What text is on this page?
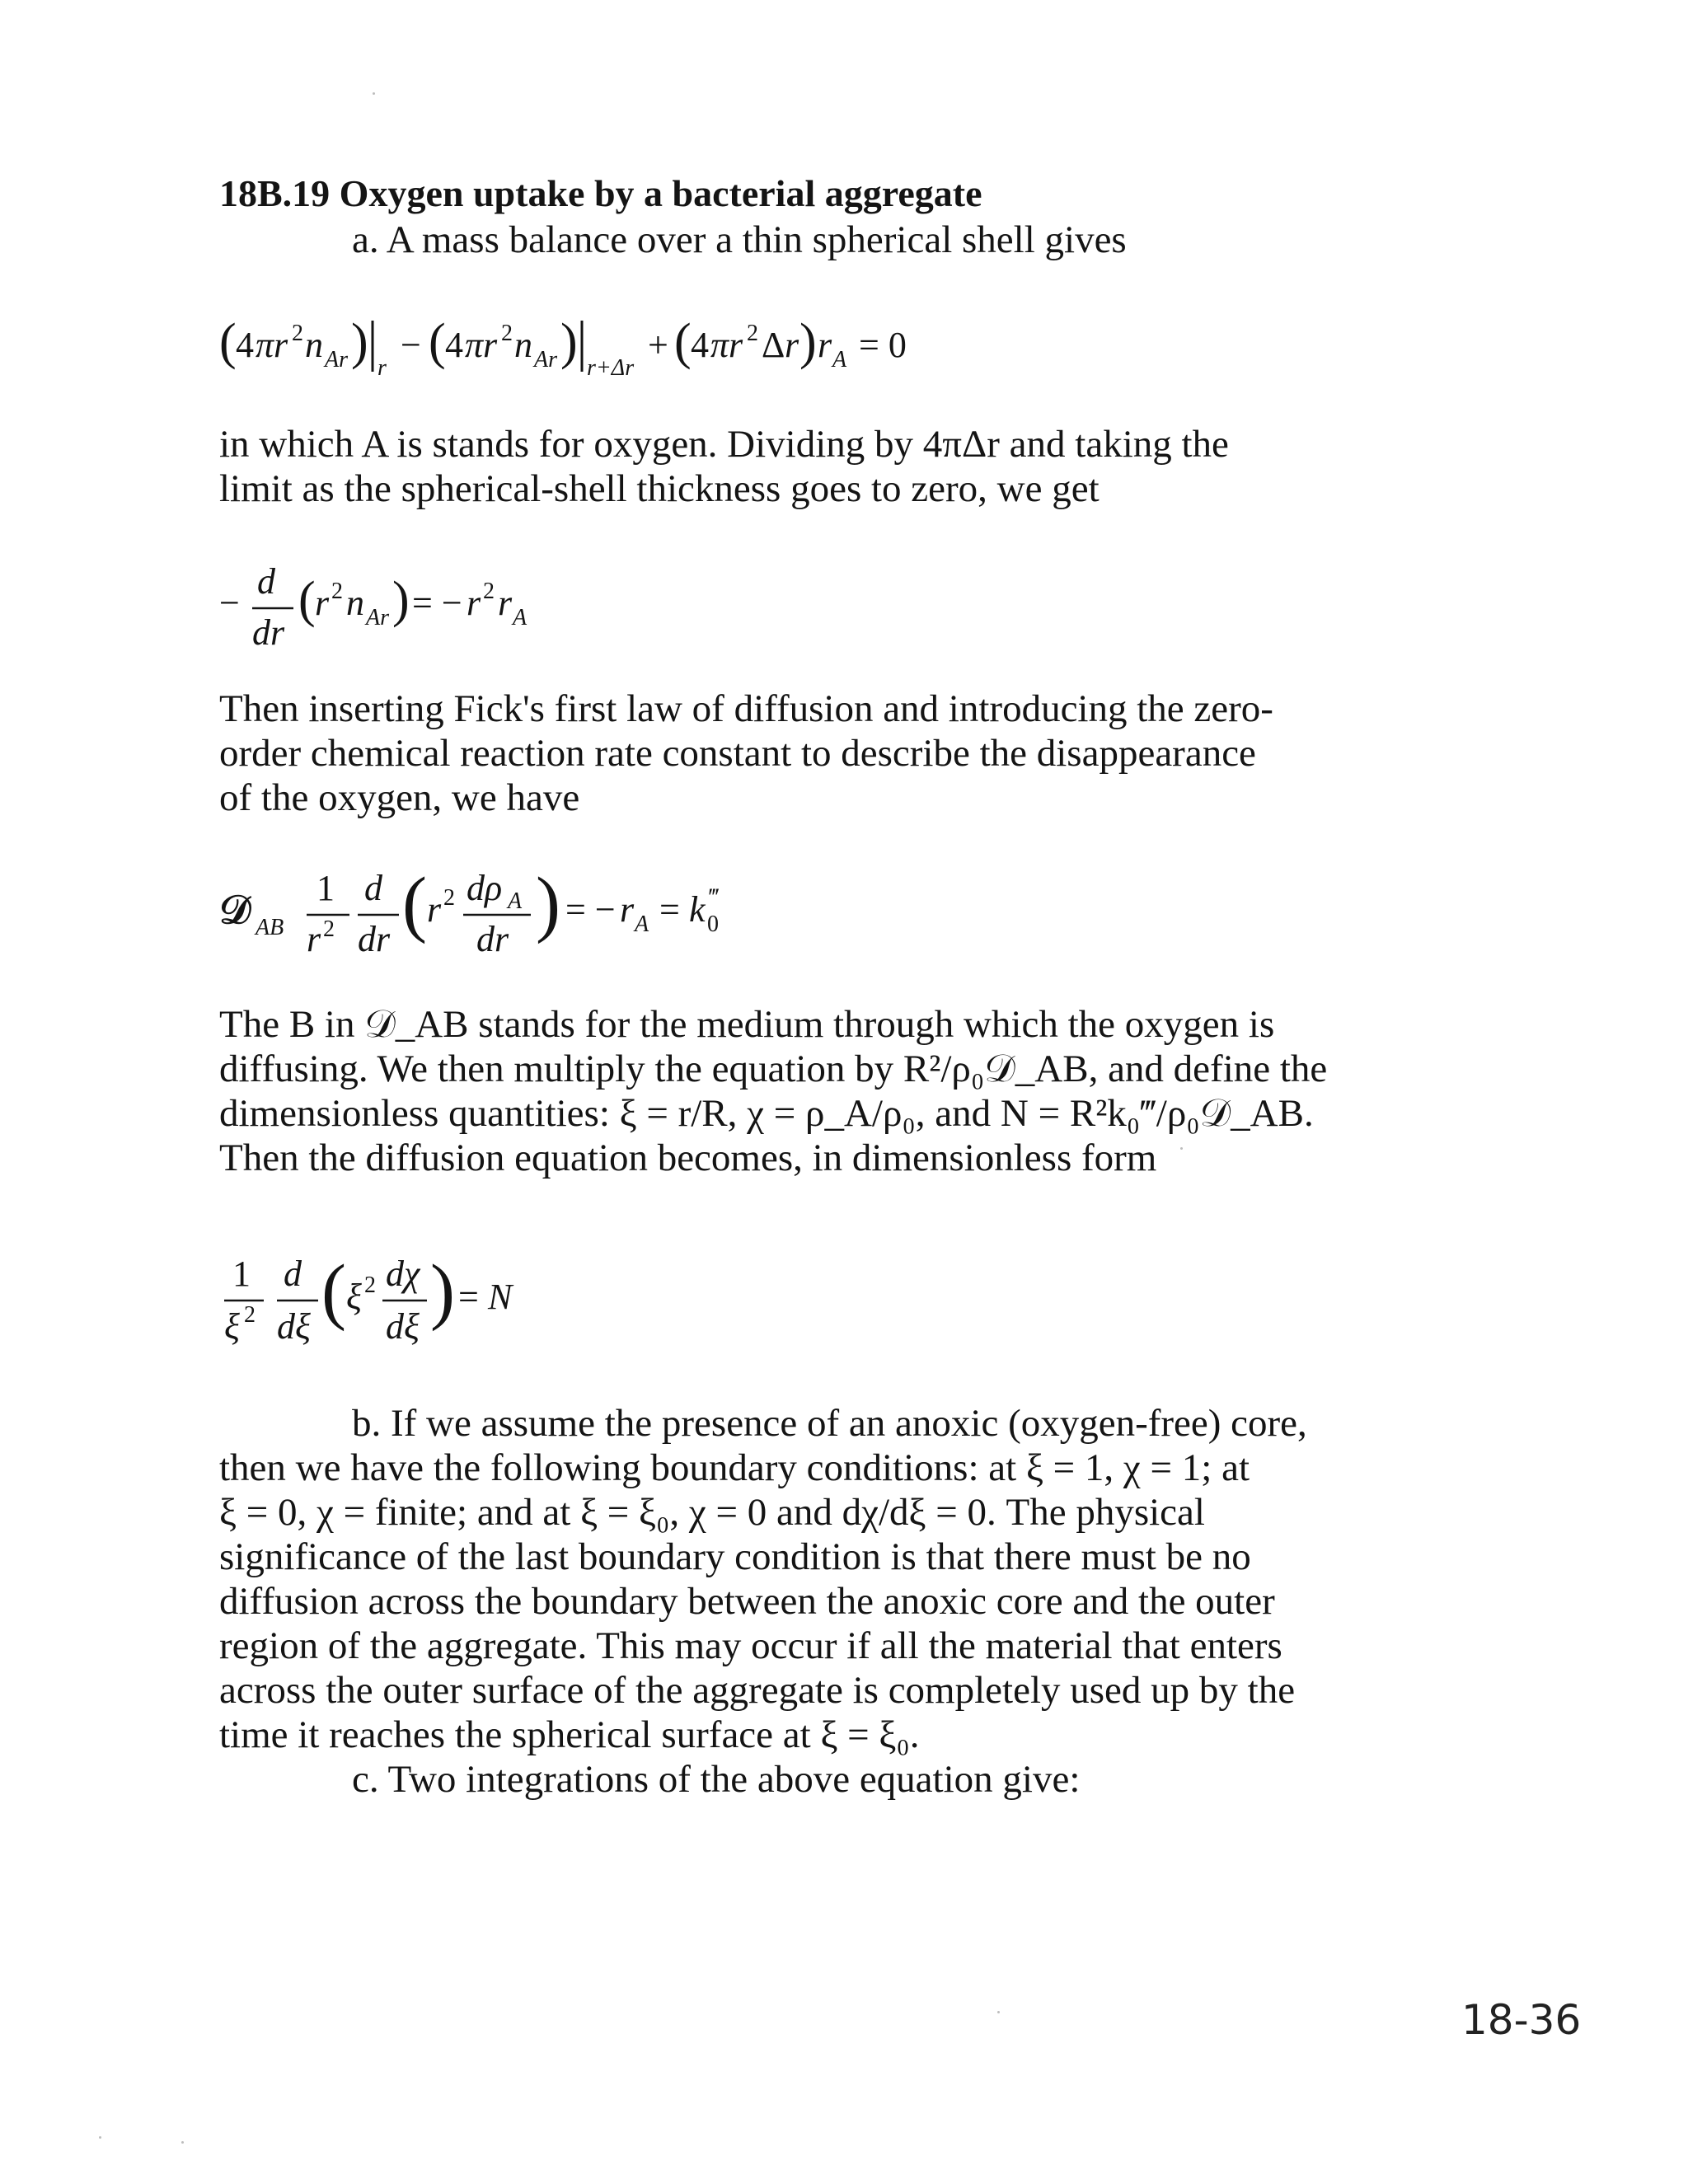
18B.19 Oxygen uptake by a bacterial aggregate
a. A mass balance over a thin spherical shell gives
( 4 πr 2 n Ar ) r
− ( 4 πr 2 n Ar ) r+Δr
+ ( 4 πr 2 Δ r ) r A = 0
in which A is stands for oxygen. Dividing by 4πΔr and taking the
limit as the spherical-shell thickness goes to zero, we get
−
d
dr
( r 2 n Ar ) = − r 2 r A
Then inserting Fick's first law of diffusion and introducing the zero-
order chemical reaction rate constant to describe the disappearance
of the oxygen, we have
𝒟 AB
1
r 2
d
dr ( r 2 dρ A
dr ) = − r A = k 0
‴
The B in 𝒟_AB stands for the medium through which the oxygen is
diffusing. We then multiply the equation by R²/ρ₀𝒟_AB, and define the
dimensionless quantities: ξ = r/R, χ = ρ_A/ρ₀, and N = R²k₀‴/ρ₀𝒟_AB.
Then the diffusion equation becomes, in dimensionless form
1
ξ 2
d
dξ ( ξ 2 dχ
dξ ) = N
b. If we assume the presence of an anoxic (oxygen-free) core,
then we have the following boundary conditions: at ξ = 1, χ = 1; at
ξ = 0, χ = finite; and at ξ = ξ₀, χ = 0 and dχ/dξ = 0. The physical
significance of the last boundary condition is that there must be no
diffusion across the boundary between the anoxic core and the outer
region of the aggregate. This may occur if all the material that enters
across the outer surface of the aggregate is completely used up by the
time it reaches the spherical surface at ξ = ξ₀.
c. Two integrations of the above equation give:
18-36
